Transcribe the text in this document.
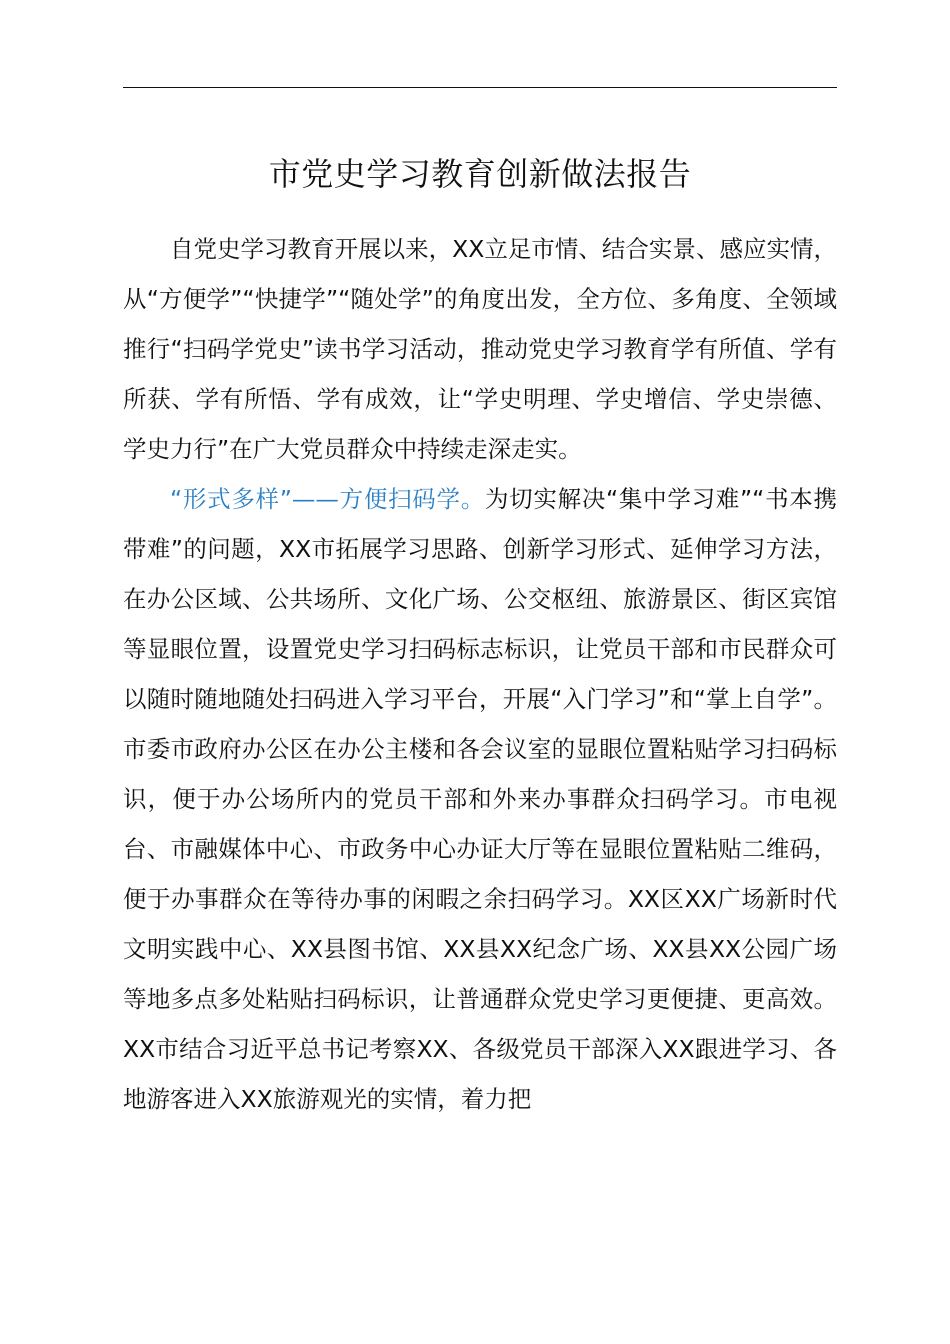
市党史学习教育创新做法报告

自党史学习教育开展以来，XX立足市情、结合实景、感应实情，从“方便学”“快捷学”“随处学”的角度出发，全方位、多角度、全领域推行“扫码学党史”读书学习活动，推动党史学习教育学有所值、学有所获、学有所悟、学有成效，让“学史明理、学史增信、学史崇德、学史力行”在广大党员群众中持续走深走实。

“形式多样”——方便扫码学。为切实解决“集中学习难”“书本携带难”的问题，XX市拓展学习思路、创新学习形式、延伸学习方法，在办公区域、公共场所、文化广场、公交枢纽、旅游景区、街区宾馆等显眼位置，设置党史学习扫码标志标识，让党员干部和市民群众可以随时随地随处扫码进入学习平台，开展“入门学习”和“掌上自学”。市委市政府办公区在办公主楼和各会议室的显眼位置粘贴学习扫码标识，便于办公场所内的党员干部和外来办事群众扫码学习。市电视台、市融媒体中心、市政务中心办证大厅等在显眼位置粘贴二维码，便于办事群众在等待办事的闲暇之余扫码学习。XX区XX广场新时代文明实践中心、XX县图书馆、XX县XX纪念广场、XX县XX公园广场等地多点多处粘贴扫码标识，让普通群众党史学习更便捷、更高效。XX市结合习近平总书记考察XX、各级党员干部深入XX跟进学习、各地游客进入XX旅游观光的实情，着力把
